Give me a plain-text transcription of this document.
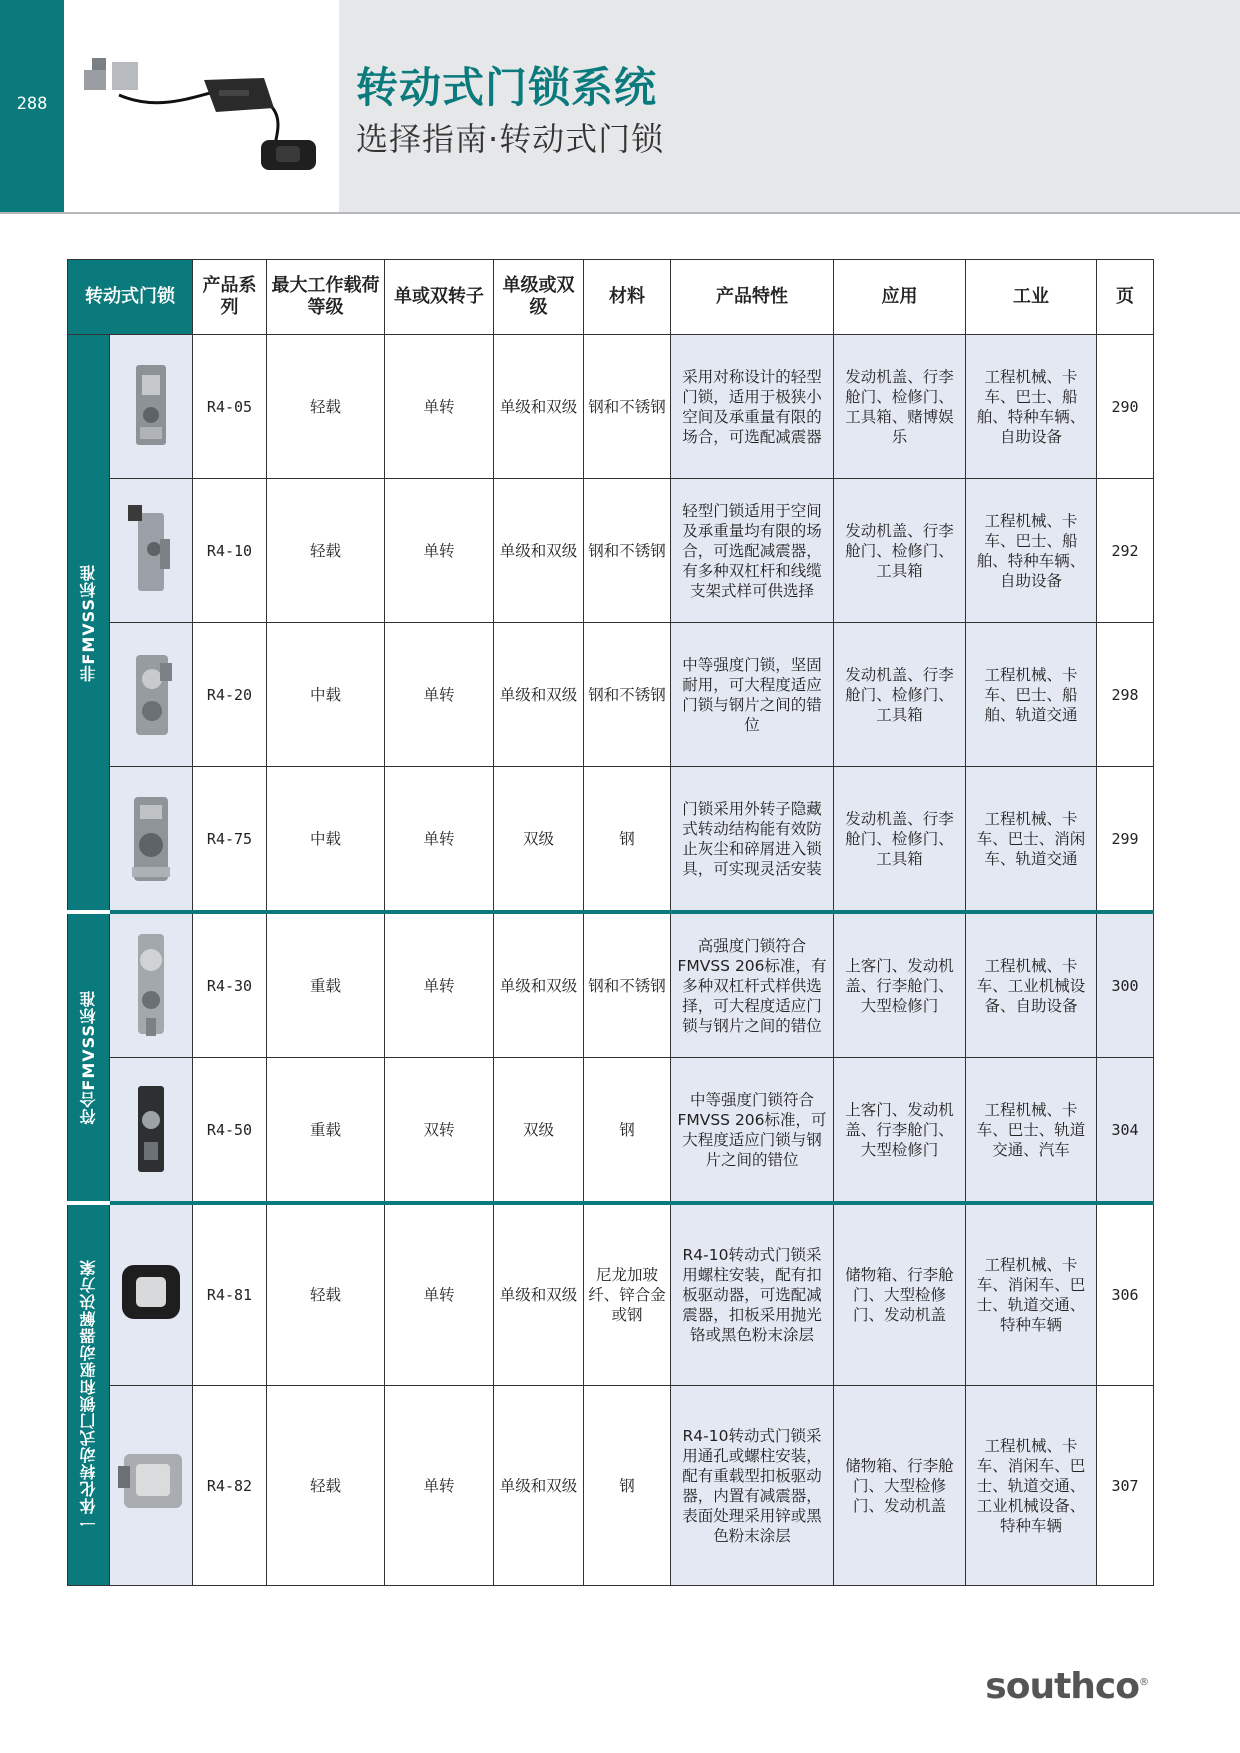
288	转动式门锁系统
选择指南·转动式门锁
转动式门锁		产品系列	最大工作载荷等级	单或双转子	单级或双级	材料	产品特性	应用	工业	页

非FMVSS标准		R4-05	轻载	单转	单级和双级	钢和不锈钢	采用对称设计的轻型门锁，适用于极狭小空间及承重量有限的场合，可选配减震器	发动机盖、行李舱门、检修门、工具箱、赌博娱乐	工程机械、卡车、巴士、船舶、特种车辆、自助设备	290
	R4-10	轻载	单转	单级和双级	钢和不锈钢	轻型门锁适用于空间及承重量均有限的场合，可选配减震器，有多种双杠杆和线缆支架式样可供选择	发动机盖、行李舱门、检修门、工具箱	工程机械、卡车、巴士、船舶、特种车辆、自助设备	292
	R4-20	中载	单转	单级和双级	钢和不锈钢	中等强度门锁，坚固耐用，可大程度适应门锁与钢片之间的错位	发动机盖、行李舱门、检修门、工具箱	工程机械、卡车、巴士、船舶、轨道交通	298
	R4-75	中载	单转	双级	钢	门锁采用外转子隐藏式转动结构能有效防止灰尘和碎屑进入锁具，可实现灵活安装	发动机盖、行李舱门、检修门、工具箱	工程机械、卡车、巴士、消闲车、轨道交通	299

符合FMVSS标准		R4-30	重载	单转	单级和双级	钢和不锈钢	高强度门锁符合FMVSS 206标准，有多种双杠杆式样供选择，可大程度适应门锁与钢片之间的错位	上客门、发动机盖、行李舱门、大型检修门	工程机械、卡车、工业机械设备、自助设备	300
	R4-50	重载	双转	双级	钢	中等强度门锁符合FMVSS 206标准，可大程度适应门锁与钢片之间的错位	上客门、发动机盖、行李舱门、大型检修门	工程机械、卡车、巴士、轨道交通、汽车	304

一体化转动式门锁和驱动器解决方案		R4-81	轻载	单转	单级和双级	尼龙加玻纤、锌合金或钢	R4-10转动式门锁采用螺柱安装，配有扣板驱动器，可选配减震器，扣板采用抛光铬或黑色粉末涂层	储物箱、行李舱门、大型检修门、发动机盖	工程机械、卡车、消闲车、巴士、轨道交通、特种车辆	306
	R4-82	轻载	单转	单级和双级	钢	R4-10转动式门锁采用通孔或螺柱安装，配有重载型扣板驱动器，内置有减震器，表面处理采用锌或黑色粉末涂层	储物箱、行李舱门、大型检修门、发动机盖	工程机械、卡车、消闲车、巴士、轨道交通、工业机械设备、特种车辆	307
southco®
